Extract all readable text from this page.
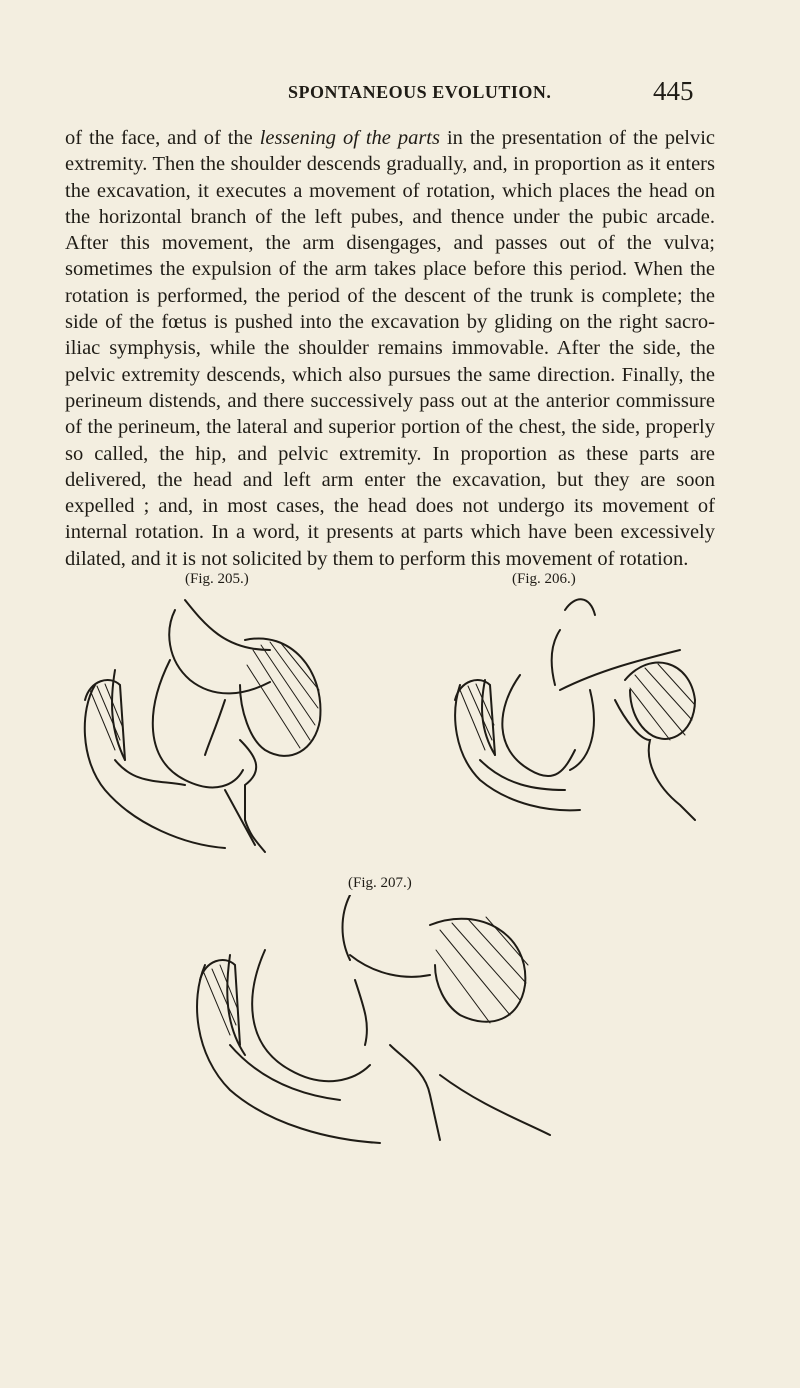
SPONTANEOUS EVOLUTION.	445

of the face, and of the lessening of the parts in the presentation of the pelvic extremity. Then the shoulder descends gradually, and, in proportion as it enters the excavation, it executes a movement of rotation, which places the head on the horizontal branch of the left pubes, and thence under the pubic arcade. After this movement, the arm disengages, and passes out of the vulva; sometimes the expulsion of the arm takes place before this period. When the rotation is performed, the period of the descent of the trunk is complete; the side of the fœtus is pushed into the excavation by gliding on the right sacro-iliac symphysis, while the shoulder remains immovable. After the side, the pelvic extremity descends, which also pursues the same direction. Finally, the perineum distends, and there successively pass out at the anterior commissure of the perineum, the lateral and superior portion of the chest, the side, properly so called, the hip, and pelvic extremity. In proportion as these parts are delivered, the head and left arm enter the excavation, but they are soon expelled ; and, in most cases, the head does not undergo its movement of internal rotation. In a word, it presents at parts which have been excessively dilated, and it is not solicited by them to perform this movement of rotation.

(Fig. 205.)	(Fig. 206.)
(Fig. 207.)
